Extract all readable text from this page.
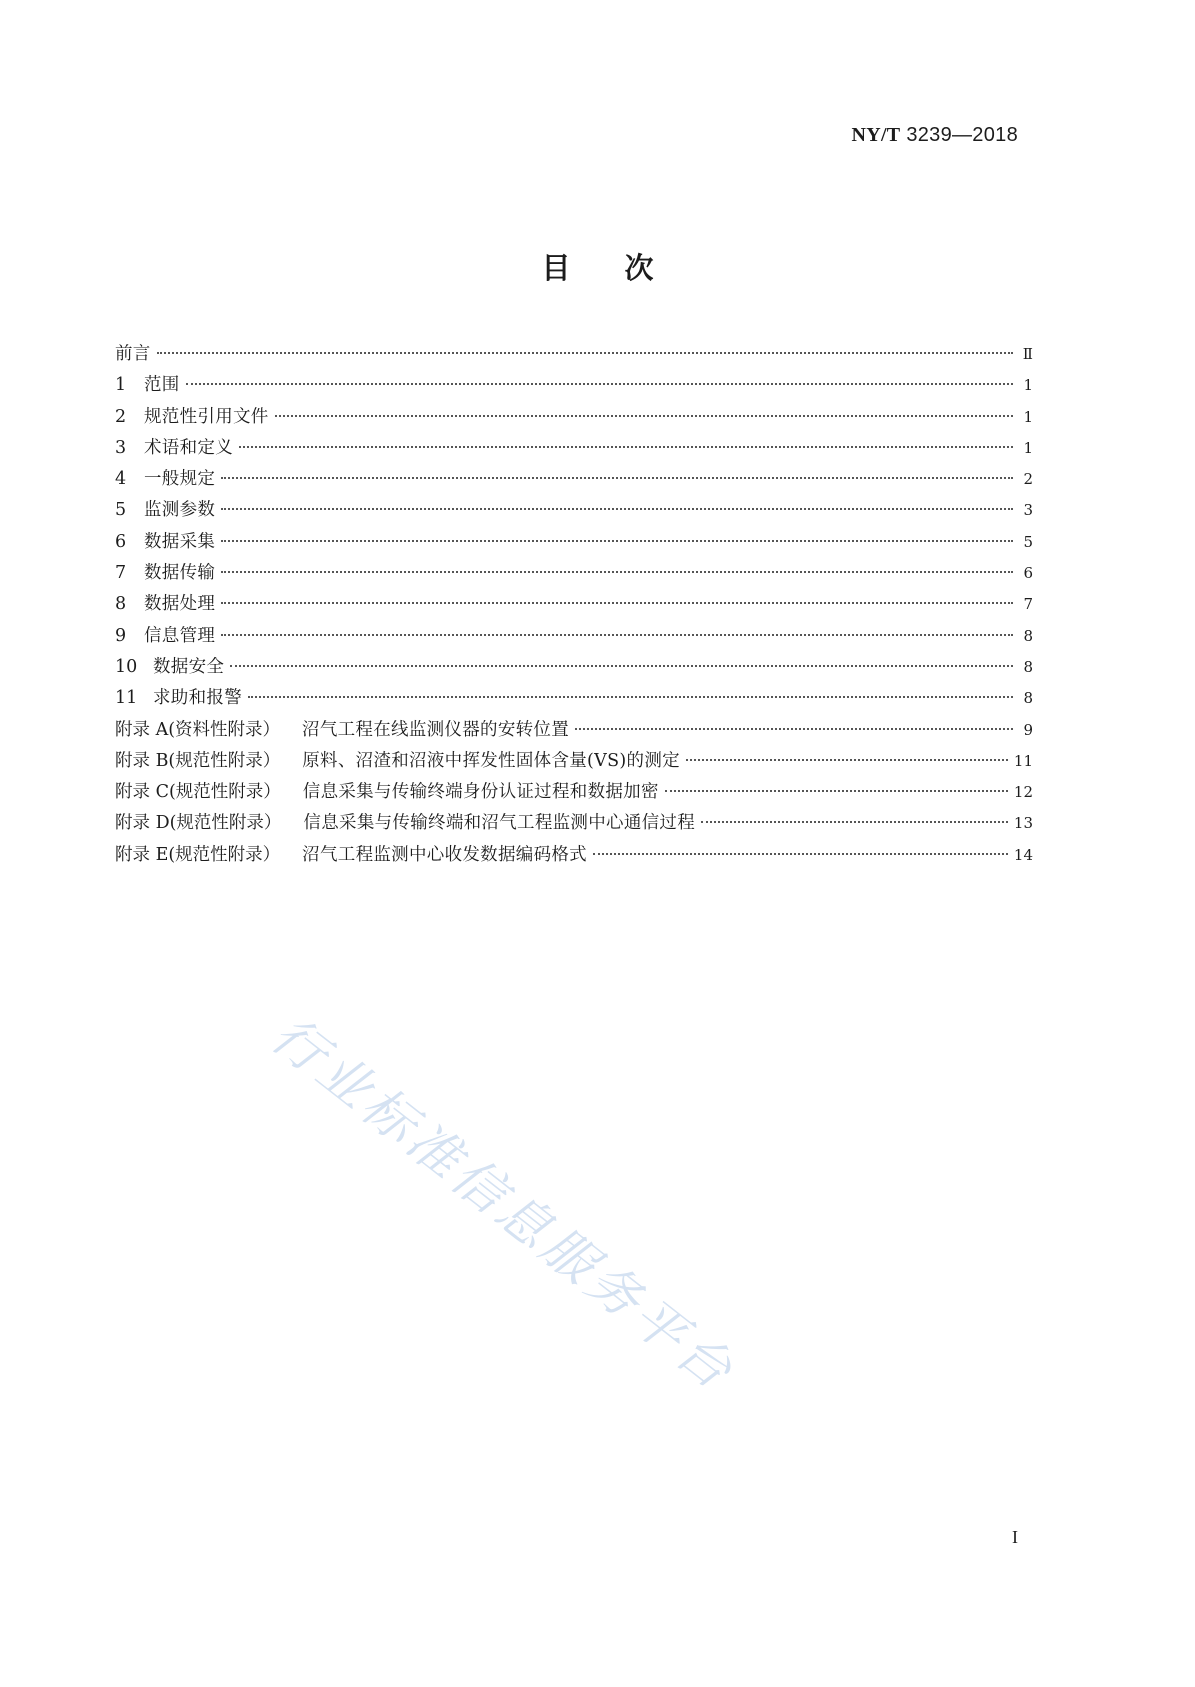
NY/T 3239—2018
目次
前言	Ⅱ
1	范围	1
2	规范性引用文件	1
3	术语和定义	1
4	一般规定	2
5	监测参数	3
6	数据采集	5
7	数据传输	6
8	数据处理	7
9	信息管理	8
10 数据安全	8
11 求助和报警	8
附录 A(资料性附录） 沼气工程在线监测仪器的安转位置	9
附录 B(规范性附录） 原料、沼渣和沼液中挥发性固体含量(VS)的测定	11
附录 C(规范性附录） 信息采集与传输终端身份认证过程和数据加密	12
附录 D(规范性附录） 信息采集与传输终端和沼气工程监测中心通信过程	13
附录 E(规范性附录） 沼气工程监测中心收发数据编码格式	14
行业标准信息服务平台
I
